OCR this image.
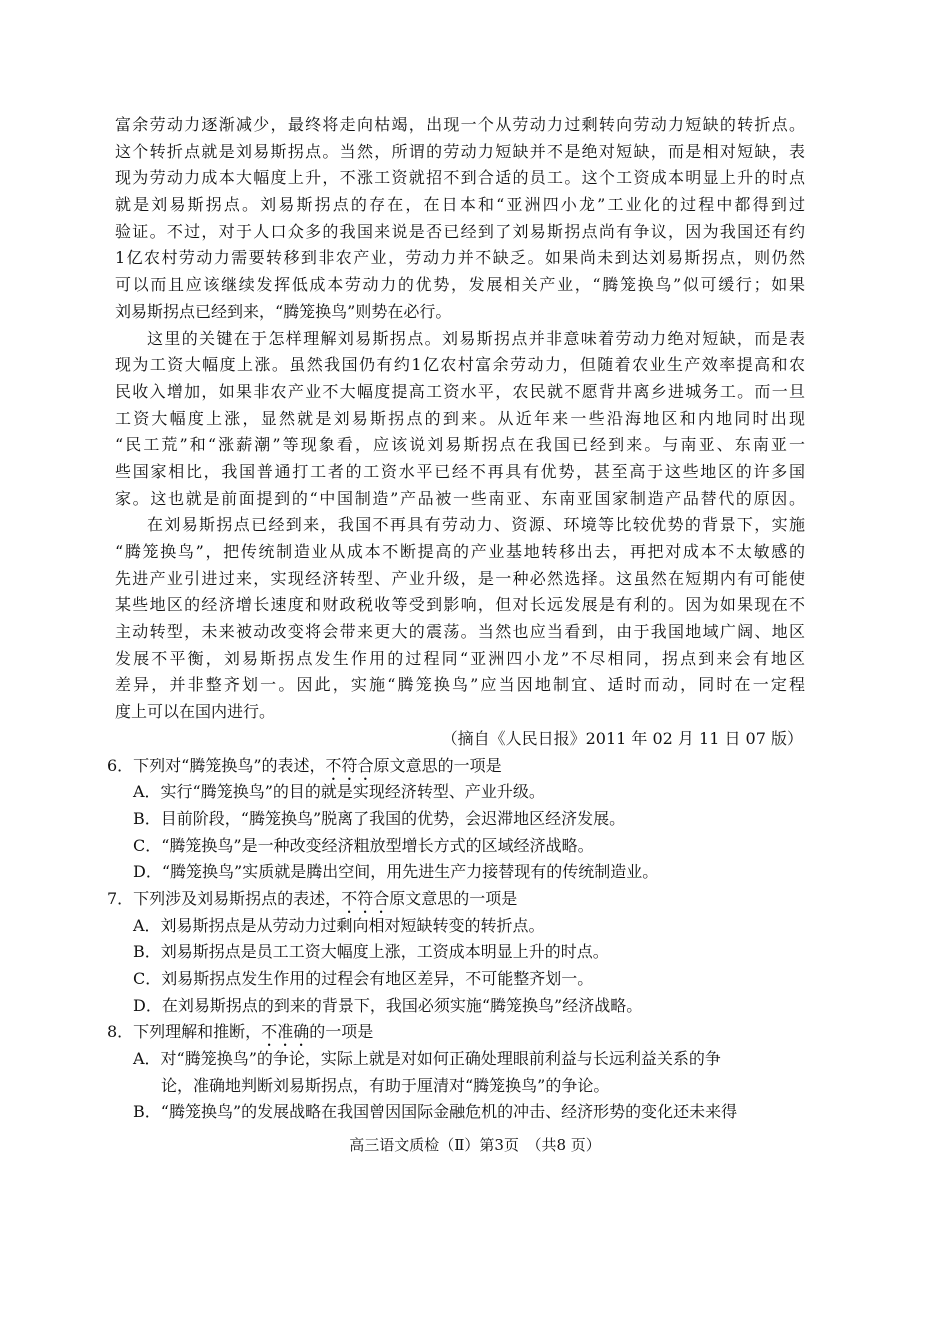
富余劳动力逐渐减少，最终将走向枯竭，出现一个从劳动力过剩转向劳动力短缺的转折点。
这个转折点就是刘易斯拐点。当然，所谓的劳动力短缺并不是绝对短缺，而是相对短缺，表
现为劳动力成本大幅度上升，不涨工资就招不到合适的员工。这个工资成本明显上升的时点
就是刘易斯拐点。刘易斯拐点的存在，在日本和“亚洲四小龙”工业化的过程中都得到过
验证。不过，对于人口众多的我国来说是否已经到了刘易斯拐点尚有争议，因为我国还有约
1亿农村劳动力需要转移到非农产业，劳动力并不缺乏。如果尚未到达刘易斯拐点，则仍然
可以而且应该继续发挥低成本劳动力的优势，发展相关产业，“腾笼换鸟”似可缓行；如果
刘易斯拐点已经到来，“腾笼换鸟”则势在必行。
这里的关键在于怎样理解刘易斯拐点。刘易斯拐点并非意味着劳动力绝对短缺，而是表
现为工资大幅度上涨。虽然我国仍有约1亿农村富余劳动力，但随着农业生产效率提高和农
民收入增加，如果非农产业不大幅度提高工资水平，农民就不愿背井离乡进城务工。而一旦
工资大幅度上涨，显然就是刘易斯拐点的到来。从近年来一些沿海地区和内地同时出现
“民工荒”和“涨薪潮”等现象看，应该说刘易斯拐点在我国已经到来。与南亚、东南亚一
些国家相比，我国普通打工者的工资水平已经不再具有优势，甚至高于这些地区的许多国
家。这也就是前面提到的“中国制造”产品被一些南亚、东南亚国家制造产品替代的原因。
在刘易斯拐点已经到来，我国不再具有劳动力、资源、环境等比较优势的背景下，实施
“腾笼换鸟”，把传统制造业从成本不断提高的产业基地转移出去，再把对成本不太敏感的
先进产业引进过来，实现经济转型、产业升级，是一种必然选择。这虽然在短期内有可能使
某些地区的经济增长速度和财政税收等受到影响，但对长远发展是有利的。因为如果现在不
主动转型，未来被动改变将会带来更大的震荡。当然也应当看到，由于我国地域广阔、地区
发展不平衡，刘易斯拐点发生作用的过程同“亚洲四小龙”不尽相同，拐点到来会有地区
差异，并非整齐划一。因此，实施“腾笼换鸟”应当因地制宜、适时而动，同时在一定程
度上可以在国内进行。
（摘自《人民日报》2011 年 02 月 11 日 07 版）
6．下列对“腾笼换鸟”的表述，不符合原文意思的一项是
A．实行“腾笼换鸟”的目的就是实现经济转型、产业升级。
B．目前阶段，“腾笼换鸟”脱离了我国的优势，会迟滞地区经济发展。
C．“腾笼换鸟”是一种改变经济粗放型增长方式的区域经济战略。
D．“腾笼换鸟”实质就是腾出空间，用先进生产力接替现有的传统制造业。
7．下列涉及刘易斯拐点的表述，不符合原文意思的一项是
A．刘易斯拐点是从劳动力过剩向相对短缺转变的转折点。
B．刘易斯拐点是员工工资大幅度上涨，工资成本明显上升的时点。
C．刘易斯拐点发生作用的过程会有地区差异，不可能整齐划一。
D．在刘易斯拐点的到来的背景下，我国必须实施“腾笼换鸟”经济战略。
8．下列理解和推断，不准确的一项是
A．对“腾笼换鸟”的争论，实际上就是对如何正确处理眼前利益与长远利益关系的争
论，准确地判断刘易斯拐点，有助于厘清对“腾笼换鸟”的争论。
B．“腾笼换鸟”的发展战略在我国曾因国际金融危机的冲击、经济形势的变化还未来得
高三语文质检（Ⅱ）第3页　（共8 页）
